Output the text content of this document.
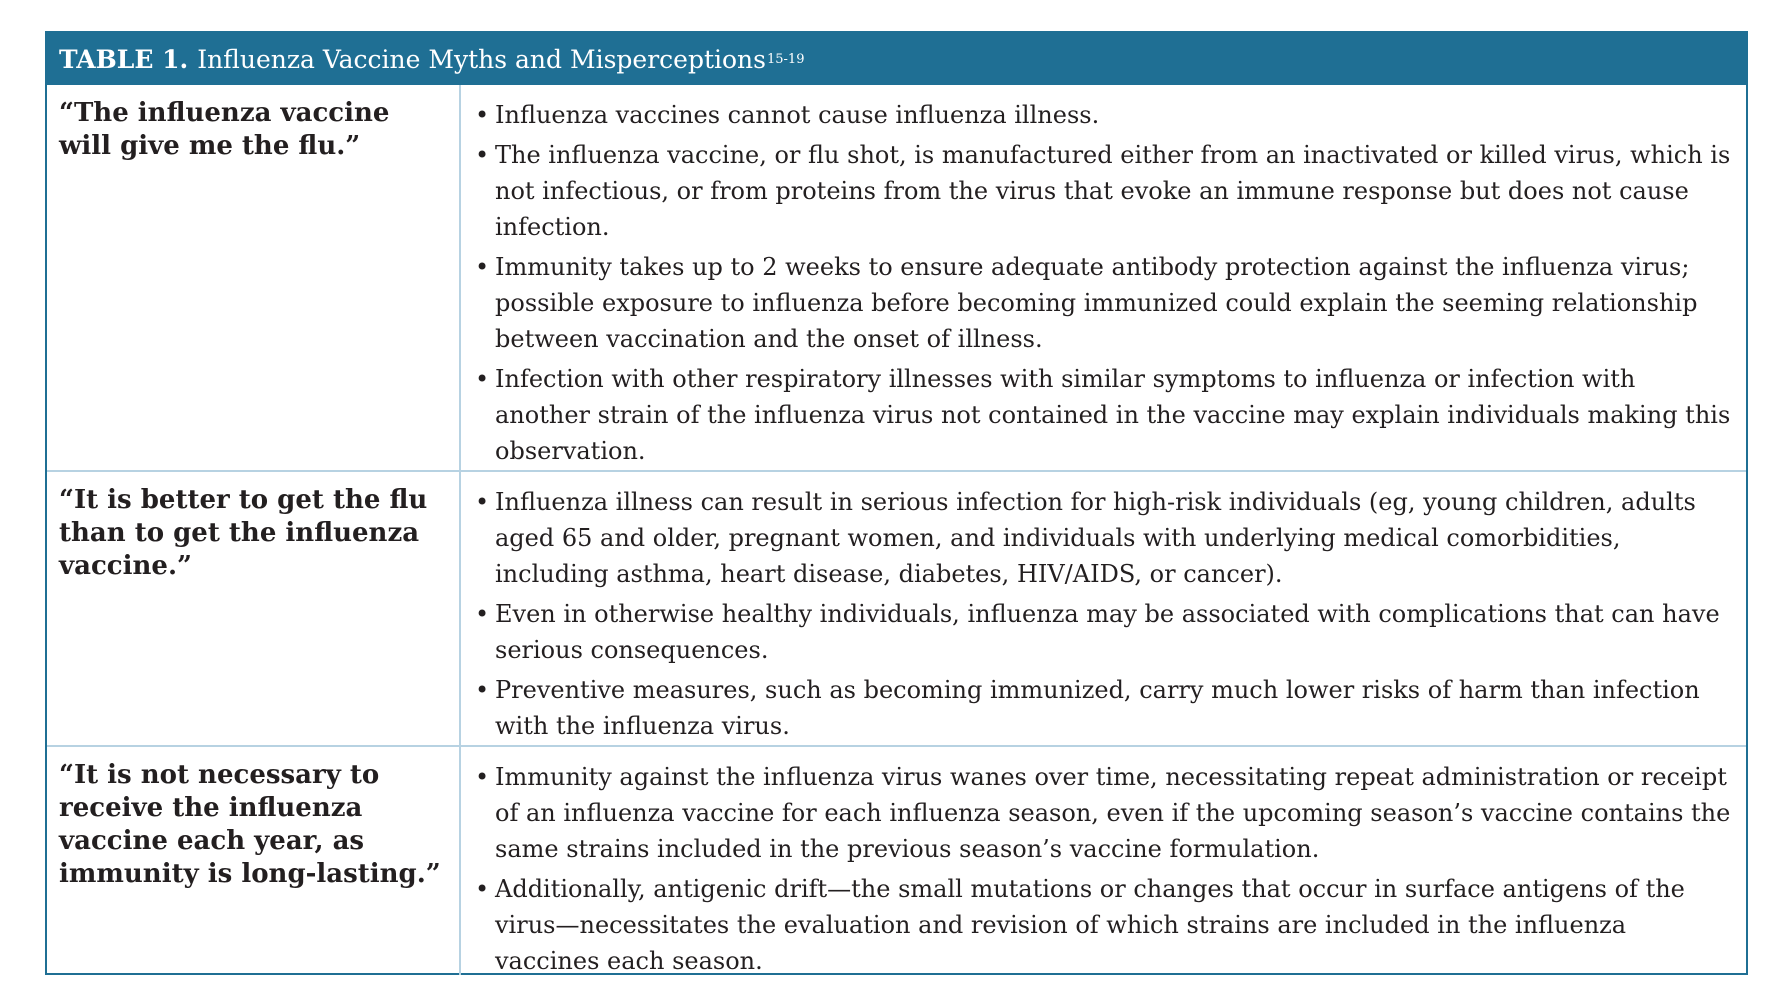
TABLE 1. Influenza Vaccine Myths and Misperceptions 15-19
“The influenza vaccine will give me the flu.”
• Influenza vaccines cannot cause influenza illness.
• The influenza vaccine, or flu shot, is manufactured either from an inactivated or killed virus, which is not infectious, or from proteins from the virus that evoke an immune response but does not cause infection.
• Immunity takes up to 2 weeks to ensure adequate antibody protection against the influenza virus; possible exposure to influenza before becoming immunized could explain the seeming relationship between vaccination and the onset of illness.
• Infection with other respiratory illnesses with similar symptoms to influenza or infection with another strain of the influenza virus not contained in the vaccine may explain individuals making this observation.
“It is better to get the flu than to get the influenza vaccine.”
• Influenza illness can result in serious infection for high-risk individuals (eg, young children, adults aged 65 and older, pregnant women, and individuals with underlying medical comorbidities, including asthma, heart disease, diabetes, HIV/AIDS, or cancer).
• Even in otherwise healthy individuals, influenza may be associated with complications that can have serious consequences.
• Preventive measures, such as becoming immunized, carry much lower risks of harm than infection with the influenza virus.
“It is not necessary to receive the influenza vaccine each year, as immunity is long-lasting.”
• Immunity against the influenza virus wanes over time, necessitating repeat administration or receipt of an influenza vaccine for each influenza season, even if the upcoming season’s vaccine contains the same strains included in the previous season’s vaccine formulation.
• Additionally, antigenic drift—the small mutations or changes that occur in surface antigens of the virus—necessitates the evaluation and revision of which strains are included in the influenza vaccines each season.
